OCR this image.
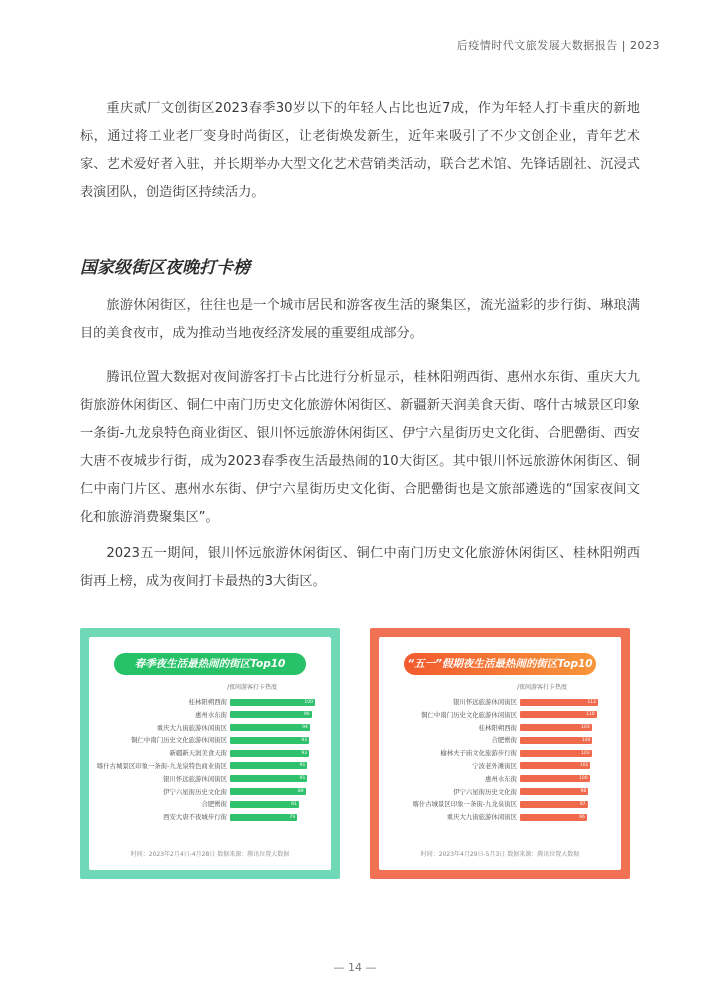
后疫情时代文旅发展大数据报告 | 2023

重庆贰厂文创街区2023春季30岁以下的年轻人占比也近7成，作为年轻人打卡重庆的新地标，通过将工业老厂变身时尚街区，让老街焕发新生，近年来吸引了不少文创企业，青年艺术家、艺术爱好者入驻，并长期举办大型文化艺术营销类活动，联合艺术馆、先锋话剧社、沉浸式表演团队，创造街区持续活力。

国家级街区夜晚打卡榜

旅游休闲街区，往往也是一个城市居民和游客夜生活的聚集区，流光溢彩的步行街、琳琅满目的美食夜市，成为推动当地夜经济发展的重要组成部分。

腾讯位置大数据对夜间游客打卡占比进行分析显示，桂林阳朔西街、惠州水东街、重庆大九街旅游休闲街区、铜仁中南门历史文化旅游休闲街区、新疆新天润美食天街、喀什古城景区印象一条街-九龙泉特色商业街区、银川怀远旅游休闲街区、伊宁六星街历史文化街、合肥罍街、西安大唐不夜城步行街，成为2023春季夜生活最热闹的10大街区。其中银川怀远旅游休闲街区、铜仁中南门片区、惠州水东街、伊宁六星街历史文化街、合肥罍街也是文旅部遴选的“国家夜间文化和旅游消费聚集区”。

2023五一期间，银川怀远旅游休闲街区、铜仁中南门历史文化旅游休闲街区、桂林阳朔西街再上榜，成为夜间打卡最热的3大街区。

春季夜生活最热闹的街区Top10
/夜间游客打卡热度
桂林阳朔西街	100
惠州水东街	96
重庆大九街旅游休闲街区	94
铜仁中南门历史文化旅游休闲街区	93
新疆新天润美食天街	93
喀什古城景区印象一条街-九龙泉特色商业街区	91
银川怀远旅游休闲街区	91
伊宁六星街历史文化街	89
合肥罍街	81
西安大唐不夜城步行街	79
时间：2023年2月4日-4月28日 数据来源：腾讯位置大数据
“五一”假期夜生活最热闹的街区Top10
/夜间游客打卡热度
银川怀远旅游休闲街区	112
铜仁中南门历史文化旅游休闲街区	110
桂林阳朔西街	103
合肥罍街	104
榆林夫子庙文化旅游步行街	103
宁波老外滩街区	101
惠州水东街	100
伊宁六星街历史文化街	98
喀什古城景区印象一条街-九龙泉街区	97
重庆大九街旅游休闲街区	96
时间：2023年4月29日-5月3日 数据来源：腾讯位置大数据
— 14 —
